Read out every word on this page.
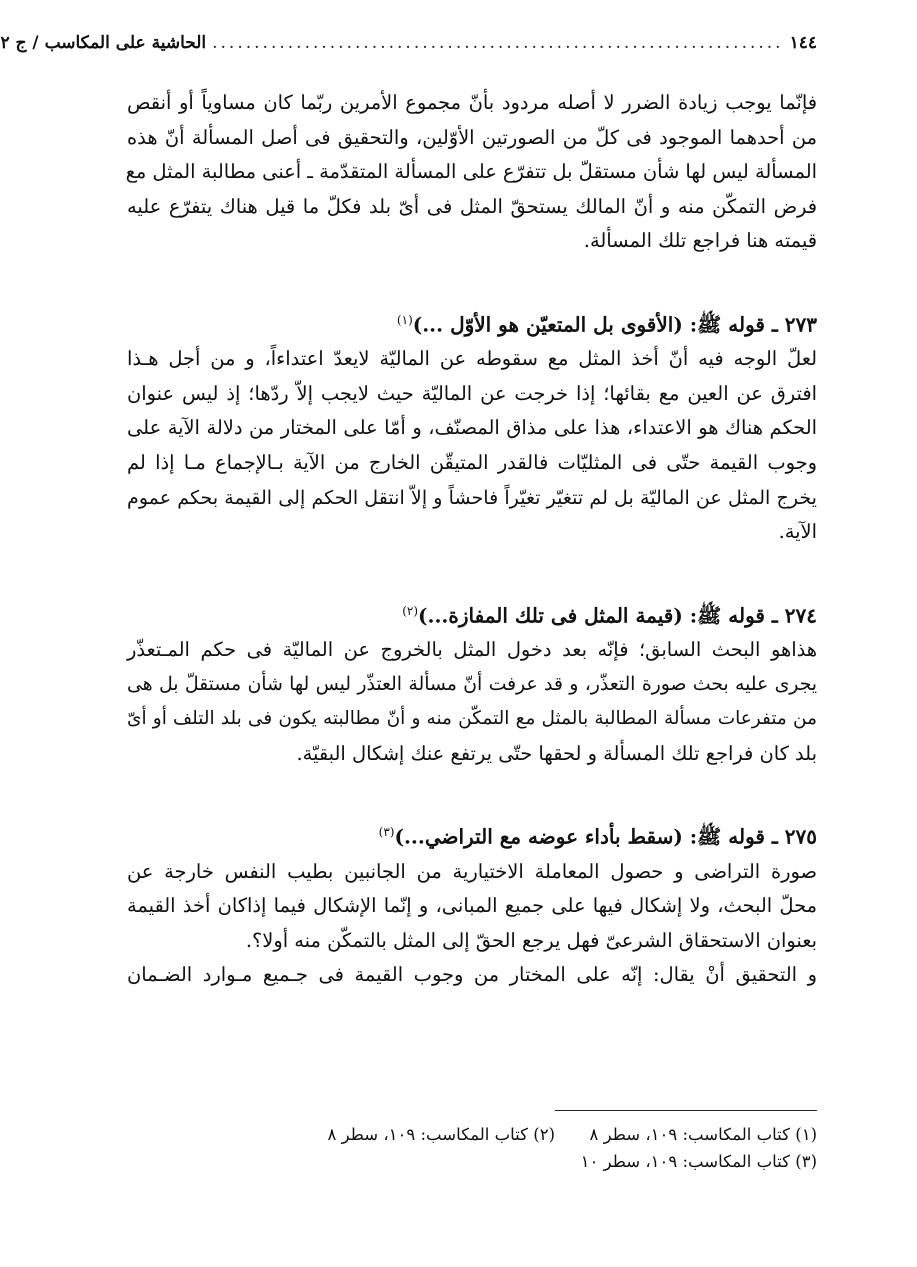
١٤٤
....................................................................
الحاشية على المكاسب / ج ٢

فإنّما يوجب زيادة الضرر لا أصله مردود بأنّ مجموع الأمرين ربّما كان مساوياً أو أنقص
من أحدهما الموجود فى كلّ من الصورتين الأوّلين، والتحقيق فى أصل المسألة أنّ هذه
المسألة ليس لها شأن مستقلّ بل تتفرّع على المسألة المتقدّمة ـ أعنى مطالبة المثل مع
فرض التمكّن منه و أنّ المالك يستحقّ المثل فى أىّ بلد فكلّ ما قيل هناك يتفرّع عليه
قيمته هنا فراجع تلك المسألة.

٢٧٣ ـ قوله ﷺ: (الأقوى بل المتعيّن هو الأوّل ...)$^{(١)}$

لعلّ الوجه فيه أنّ أخذ المثل مع سقوطه عن الماليّة لايعدّ اعتداءاً، و من أجل هـذا
افترق عن العين مع بقائها؛ إذا خرجت عن الماليّة حيث لايجب إلاّ ردّها؛ إذ ليس عنوان
الحكم هناك هو الاعتداء، هذا على مذاق المصنّف، و أمّا على المختار من دلالة الآية على
وجوب القيمة حتّى فى المثليّات فالقدر المتيقّن الخارج من الآية بـالإجماع مـا إذا لم
يخرج المثل عن الماليّة بل لم تتغيّر تغيّراً فاحشاً و إلاّ انتقل الحكم إلى القيمة بحكم عموم
الآية.

٢٧٤ ـ قوله ﷺ: (قيمة المثل فى تلك المفازة...)$^{(٢)}$

هذاهو البحث السابق؛ فإنّه بعد دخول المثل بالخروج عن الماليّة فى حكم المـتعذّر
يجرى عليه بحث صورة التعذّر، و قد عرفت أنّ مسألة العتذّر ليس لها شأن مستقلّ بل هى
من متفرعات مسألة المطالبة بالمثل مع التمكّن منه و أنّ مطالبته يكون فى بلد التلف أو أىّ
بلد كان فراجع تلك المسألة و لحقها حتّى يرتفع عنك إشكال البقيّة.

٢٧٥ ـ قوله ﷺ: (سقط بأداء عوضه مع التراضي...)$^{(٣)}$

صورة التراضى و حصول المعاملة الاختيارية من الجانبين بطيب النفس خارجة عن
محلّ البحث، ولا إشكال فيها على جميع المبانى، و إنّما الإشكال فيما إذاكان أخذ القيمة
بعنوان الاستحقاق الشرعىّ فهل يرجع الحقّ إلى المثل بالتمكّن منه أولا؟.
و التحقيق أنْ يقال: إنّه على المختار من وجوب القيمة فى جـميع مـوارد الضـمان

(١) كتاب المكاسب: ١٠٩، سطر ٨
(٢) كتاب المكاسب: ١٠٩، سطر ٨
(٣) كتاب المكاسب: ١٠٩، سطر ١٠
